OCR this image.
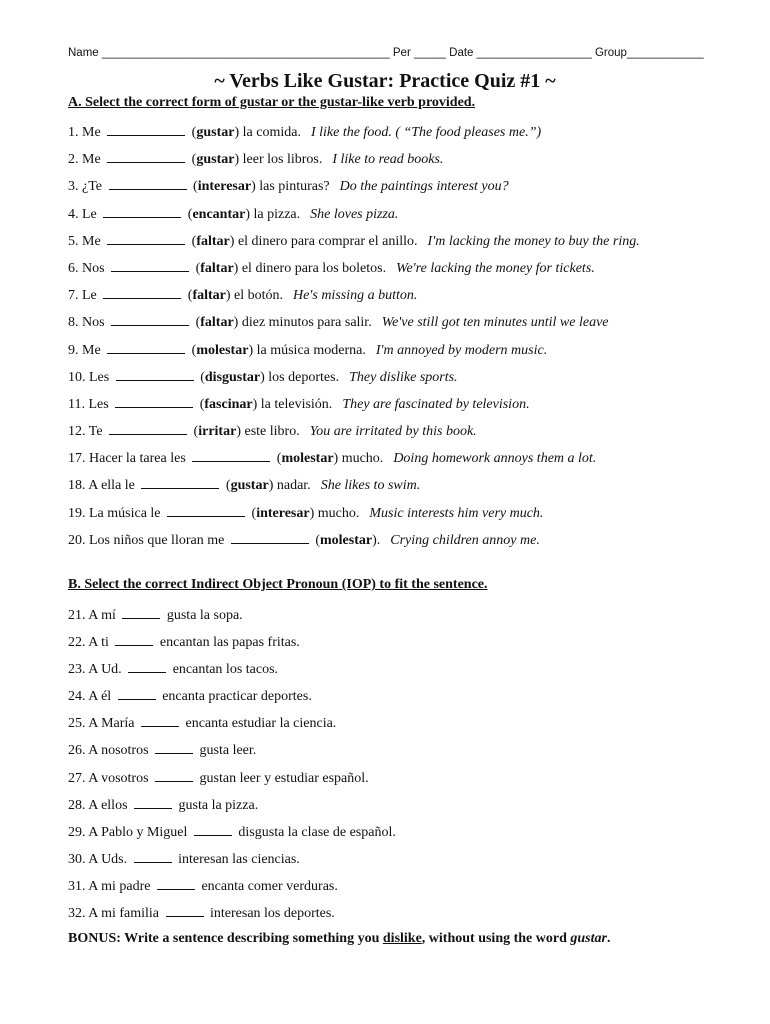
Name _____________________________________________ Per _____ Date __________________ Group____________
~ Verbs Like Gustar: Practice Quiz #1 ~
A. Select the correct form of gustar or the gustar-like verb provided.
1. Me	(gustar) la comida. I like the food. ( “The food pleases me.”)
2. Me	(gustar) leer los libros. I like to read books.
3. ¿Te	(interesar) las pinturas? Do the paintings interest you?
4. Le	(encantar) la pizza. She loves pizza.
5. Me	(faltar) el dinero para comprar el anillo. I'm lacking the money to buy the ring.
6. Nos	(faltar) el dinero para los boletos. We're lacking the money for tickets.
7. Le	(faltar) el botón. He's missing a button.
8. Nos	(faltar) diez minutos para salir. We've still got ten minutes until we leave
9. Me	(molestar) la música moderna. I'm annoyed by modern music.
10. Les	(disgustar) los deportes. They dislike sports.
11. Les	(fascinar) la televisión. They are fascinated by television.
12. Te	(irritar) este libro. You are irritated by this book.
17. Hacer la tarea les	(molestar) mucho. Doing homework annoys them a lot.
18. A ella le	(gustar) nadar. She likes to swim.
19. La música le	(interesar) mucho. Music interests him very much.
20. Los niños que lloran me	(molestar). Crying children annoy me.
B. Select the correct Indirect Object Pronoun (IOP) to fit the sentence.
21. A mí	gusta la sopa.
22. A ti	encantan las papas fritas.
23. A Ud.	encantan los tacos.
24. A él	encanta practicar deportes.
25. A María	encanta estudiar la ciencia.
26. A nosotros	gusta leer.
27. A vosotros	gustan leer y estudiar español.
28. A ellos	gusta la pizza.
29. A Pablo y Miguel	disgusta la clase de español.
30. A Uds.	interesan las ciencias.
31. A mi padre	encanta comer verduras.
32. A mi familia	interesan los deportes.
BONUS: Write a sentence describing something you dislike, without using the word gustar.
